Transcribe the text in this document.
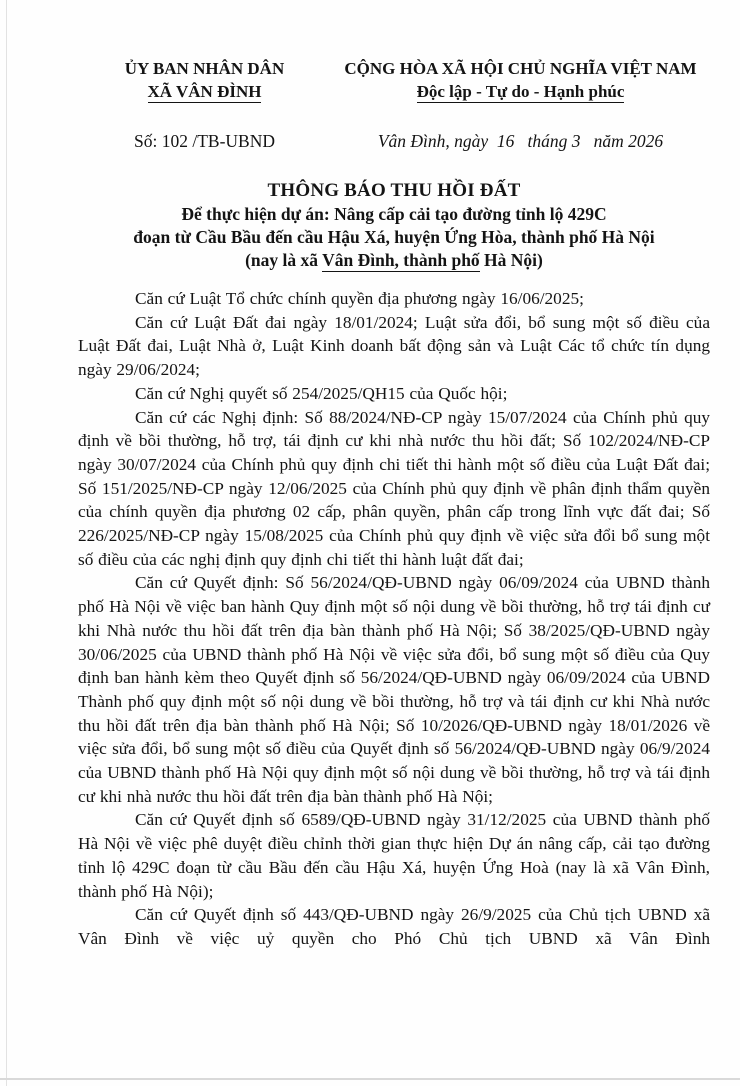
ỦY BAN NHÂN DÂN
XÃ VÂN ĐÌNH
Số: 102 /TB-UBND
CỘNG HÒA XÃ HỘI CHỦ NGHĨA VIỆT NAM
Độc lập - Tự do - Hạnh phúc
Vân Đình, ngày  16   tháng 3   năm 2026
THÔNG BÁO THU HỒI ĐẤT
Để thực hiện dự án: Nâng cấp cải tạo đường tỉnh lộ 429C
đoạn từ Cầu Bầu đến cầu Hậu Xá, huyện Ứng Hòa, thành phố Hà Nội
(nay là xã Vân Đình, thành phố Hà Nội)

Căn cứ Luật Tổ chức chính quyền địa phương ngày 16/06/2025;

Căn cứ Luật Đất đai ngày 18/01/2024; Luật sửa đổi, bổ sung một số điều của Luật Đất đai, Luật Nhà ở, Luật Kinh doanh bất động sản và Luật Các tổ chức tín dụng ngày 29/06/2024;

Căn cứ Nghị quyết số 254/2025/QH15 của Quốc hội;

Căn cứ các Nghị định: Số 88/2024/NĐ-CP ngày 15/07/2024 của Chính phủ quy định về bồi thường, hỗ trợ, tái định cư khi nhà nước thu hồi đất; Số 102/2024/NĐ-CP ngày 30/07/2024 của Chính phủ quy định chi tiết thi hành một số điều của Luật Đất đai; Số 151/2025/NĐ-CP ngày 12/06/2025 của Chính phủ quy định về phân định thẩm quyền của chính quyền địa phương 02 cấp, phân quyền, phân cấp trong lĩnh vực đất đai; Số 226/2025/NĐ-CP ngày 15/08/2025 của Chính phủ quy định về việc sửa đổi bổ sung một số điều của các nghị định quy định chi tiết thi hành luật đất đai;

Căn cứ Quyết định: Số 56/2024/QĐ-UBND ngày 06/09/2024 của UBND thành phố Hà Nội về việc ban hành Quy định một số nội dung về bồi thường, hỗ trợ tái định cư khi Nhà nước thu hồi đất trên địa bàn thành phố Hà Nội; Số 38/2025/QĐ-UBND ngày 30/06/2025 của UBND thành phố Hà Nội về việc sửa đổi, bổ sung một số điều của Quy định ban hành kèm theo Quyết định số 56/2024/QĐ-UBND ngày 06/09/2024 của UBND Thành phố quy định một số nội dung về bồi thường, hỗ trợ và tái định cư khi Nhà nước thu hồi đất trên địa bàn thành phố Hà Nội; Số 10/2026/QĐ-UBND ngày 18/01/2026 về việc sửa đổi, bổ sung một số điều của Quyết định số 56/2024/QĐ-UBND ngày 06/9/2024 của UBND thành phố Hà Nội quy định một số nội dung về bồi thường, hỗ trợ và tái định cư khi nhà nước thu hồi đất trên địa bàn thành phố Hà Nội;

Căn cứ Quyết định số 6589/QĐ-UBND ngày 31/12/2025 của UBND thành phố Hà Nội về việc phê duyệt điều chỉnh thời gian thực hiện Dự án nâng cấp, cải tạo đường tỉnh lộ 429C đoạn từ cầu Bầu đến cầu Hậu Xá, huyện Ứng Hoà (nay là xã Vân Đình, thành phố Hà Nội);

Căn cứ Quyết định số 443/QĐ-UBND ngày 26/9/2025 của Chủ tịch UBND xã Vân Đình về việc uỷ quyền cho Phó Chủ tịch UBND xã Vân Đình
